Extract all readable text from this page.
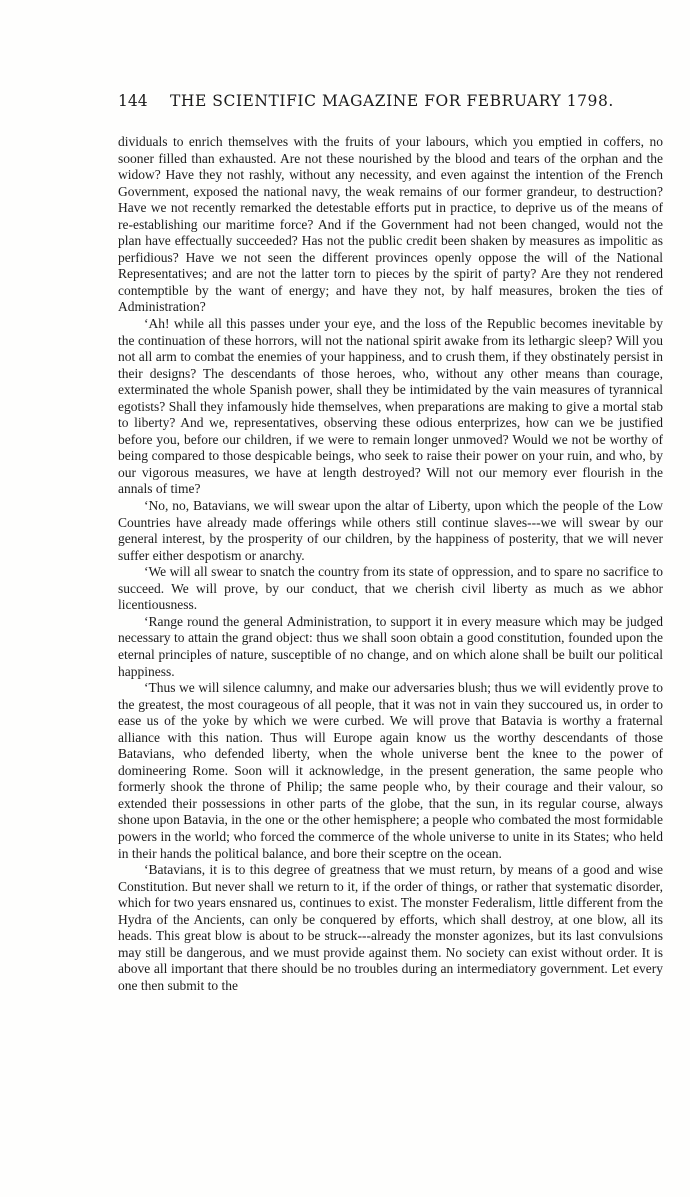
144	THE SCIENTIFIC MAGAZINE FOR FEBRUARY 1798.

dividuals to enrich themselves with the fruits of your labours, which you emptied in coffers, no sooner filled than exhausted. Are not these nourished by the blood and tears of the orphan and the widow? Have they not rashly, without any necessity, and even against the intention of the French Government, exposed the national navy, the weak remains of our former grandeur, to destruction? Have we not recently remarked the detestable efforts put in practice, to deprive us of the means of re-establishing our maritime force? And if the Government had not been changed, would not the plan have effectually succeeded? Has not the public credit been shaken by measures as impolitic as perfidious? Have we not seen the different provinces openly oppose the will of the National Representatives; and are not the latter torn to pieces by the spirit of party? Are they not rendered contemptible by the want of energy; and have they not, by half measures, broken the ties of Administration?

‘Ah! while all this passes under your eye, and the loss of the Republic becomes inevitable by the continuation of these horrors, will not the national spirit awake from its lethargic sleep? Will you not all arm to combat the enemies of your happiness, and to crush them, if they obstinately persist in their designs? The descendants of those heroes, who, without any other means than courage, exterminated the whole Spanish power, shall they be intimidated by the vain measures of tyrannical egotists? Shall they infamously hide themselves, when preparations are making to give a mortal stab to liberty? And we, representatives, observing these odious enterprizes, how can we be justified before you, before our children, if we were to remain longer unmoved? Would we not be worthy of being compared to those despicable beings, who seek to raise their power on your ruin, and who, by our vigorous measures, we have at length destroyed? Will not our memory ever flourish in the annals of time?

‘No, no, Batavians, we will swear upon the altar of Liberty, upon which the people of the Low Countries have already made offerings while others still continue slaves---we will swear by our general interest, by the prosperity of our children, by the happiness of posterity, that we will never suffer either despotism or anarchy.

‘We will all swear to snatch the country from its state of oppression, and to spare no sacrifice to succeed. We will prove, by our conduct, that we cherish civil liberty as much as we abhor licentiousness.

‘Range round the general Administration, to support it in every measure which may be judged necessary to attain the grand object: thus we shall soon obtain a good constitution, founded upon the eternal principles of nature, susceptible of no change, and on which alone shall be built our political happiness.

‘Thus we will silence calumny, and make our adversaries blush; thus we will evidently prove to the greatest, the most courageous of all people, that it was not in vain they succoured us, in order to ease us of the yoke by which we were curbed. We will prove that Batavia is worthy a fraternal alliance with this nation. Thus will Europe again know us the worthy descendants of those Batavians, who defended liberty, when the whole universe bent the knee to the power of domineering Rome. Soon will it acknowledge, in the present generation, the same people who formerly shook the throne of Philip; the same people who, by their courage and their valour, so extended their possessions in other parts of the globe, that the sun, in its regular course, always shone upon Batavia, in the one or the other hemisphere; a people who combated the most formidable powers in the world; who forced the commerce of the whole universe to unite in its States; who held in their hands the political balance, and bore their sceptre on the ocean.

‘Batavians, it is to this degree of greatness that we must return, by means of a good and wise Constitution. But never shall we return to it, if the order of things, or rather that systematic disorder, which for two years ensnared us, continues to exist. The monster Federalism, little different from the Hydra of the Ancients, can only be conquered by efforts, which shall destroy, at one blow, all its heads. This great blow is about to be struck---already the monster agonizes, but its last convulsions may still be dangerous, and we must provide against them. No society can exist without order. It is above all important that there should be no troubles during an intermediatory government. Let every one then submit to the
